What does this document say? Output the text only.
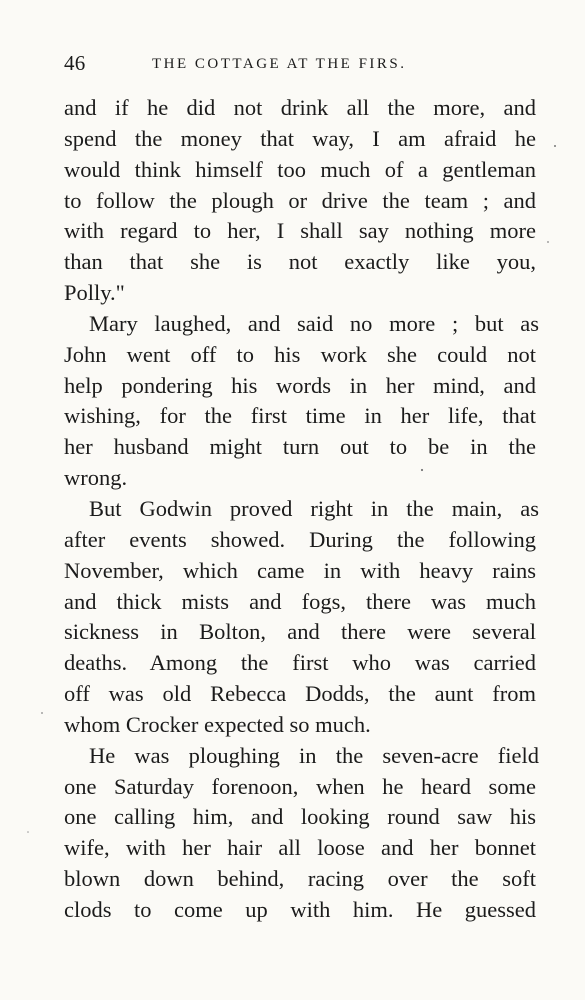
46	THE COTTAGE AT THE FIRS.
and if he did not drink all the more, and
spend the money that way, I am afraid he
would think himself too much of a gentleman
to follow the plough or drive the team ; and
with regard to her, I shall say nothing more
than that she is not exactly like you,
Polly."
Mary laughed, and said no more ; but as
John went off to his work she could not
help pondering his words in her mind, and
wishing, for the first time in her life, that
her husband might turn out to be in the
wrong.
But Godwin proved right in the main, as
after events showed. During the following
November, which came in with heavy rains
and thick mists and fogs, there was much
sickness in Bolton, and there were several
deaths. Among the first who was carried
off was old Rebecca Dodds, the aunt from
whom Crocker expected so much.
He was ploughing in the seven-acre field
one Saturday forenoon, when he heard some
one calling him, and looking round saw his
wife, with her hair all loose and her bonnet
blown down behind, racing over the soft
clods to come up with him. He guessed
